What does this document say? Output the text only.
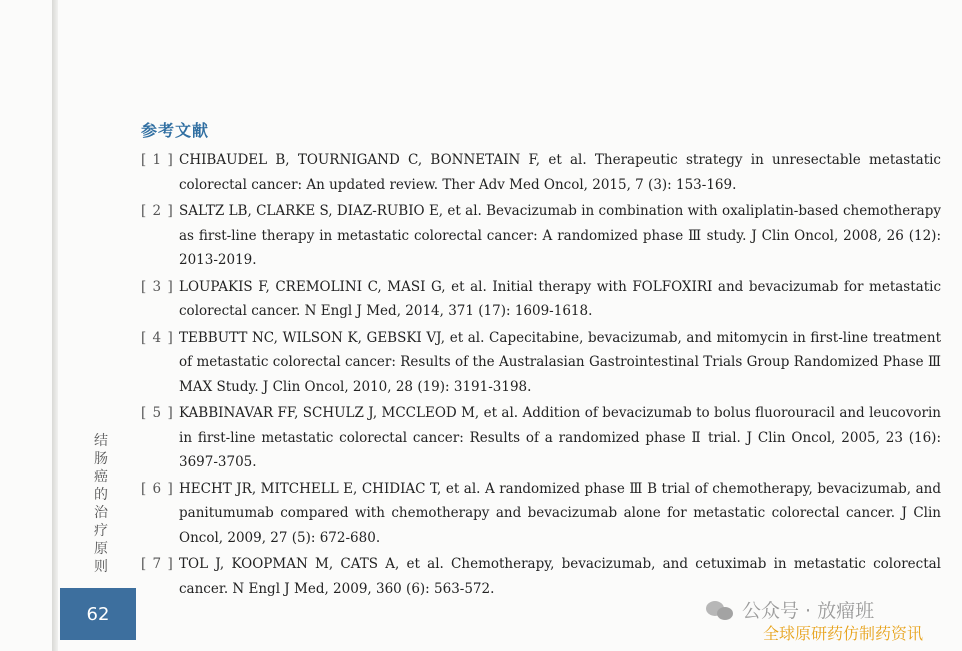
参考文献
[ 1 ] CHIBAUDEL B, TOURNIGAND C, BONNETAIN F, et al. Therapeutic strategy in unresectable metastatic colorectal cancer: An updated review. Ther Adv Med Oncol, 2015, 7 (3): 153-169.
[ 2 ] SALTZ LB, CLARKE S, DIAZ-RUBIO E, et al. Bevacizumab in combination with oxaliplatin-based chemotherapy as first-line therapy in metastatic colorectal cancer: A randomized phase Ⅲ study. J Clin Oncol, 2008, 26 (12): 2013-2019.
[ 3 ] LOUPAKIS F, CREMOLINI C, MASI G, et al. Initial therapy with FOLFOXIRI and bevacizumab for metastatic colorectal cancer. N Engl J Med, 2014, 371 (17): 1609-1618.
[ 4 ] TEBBUTT NC, WILSON K, GEBSKI VJ, et al. Capecitabine, bevacizumab, and mitomycin in first-line treatment of metastatic colorectal cancer: Results of the Australasian Gastrointestinal Trials Group Randomized Phase Ⅲ MAX Study. J Clin Oncol, 2010, 28 (19): 3191-3198.
[ 5 ] KABBINAVAR FF, SCHULZ J, MCCLEOD M, et al. Addition of bevacizumab to bolus fluorouracil and leucovorin in first-line metastatic colorectal cancer: Results of a randomized phase Ⅱ trial. J Clin Oncol, 2005, 23 (16): 3697-3705.
[ 6 ] HECHT JR, MITCHELL E, CHIDIAC T, et al. A randomized phase Ⅲ B trial of chemotherapy, bevacizumab, and panitumumab compared with chemotherapy and bevacizumab alone for metastatic colorectal cancer. J Clin Oncol, 2009, 27 (5): 672-680.
[ 7 ] TOL J, KOOPMAN M, CATS A, et al. Chemotherapy, bevacizumab, and cetuximab in metastatic colorectal cancer. N Engl J Med, 2009, 360 (6): 563-572.
结肠癌的治疗原则
62	公众号 · 放瘤班
全球原研药仿制药资讯
